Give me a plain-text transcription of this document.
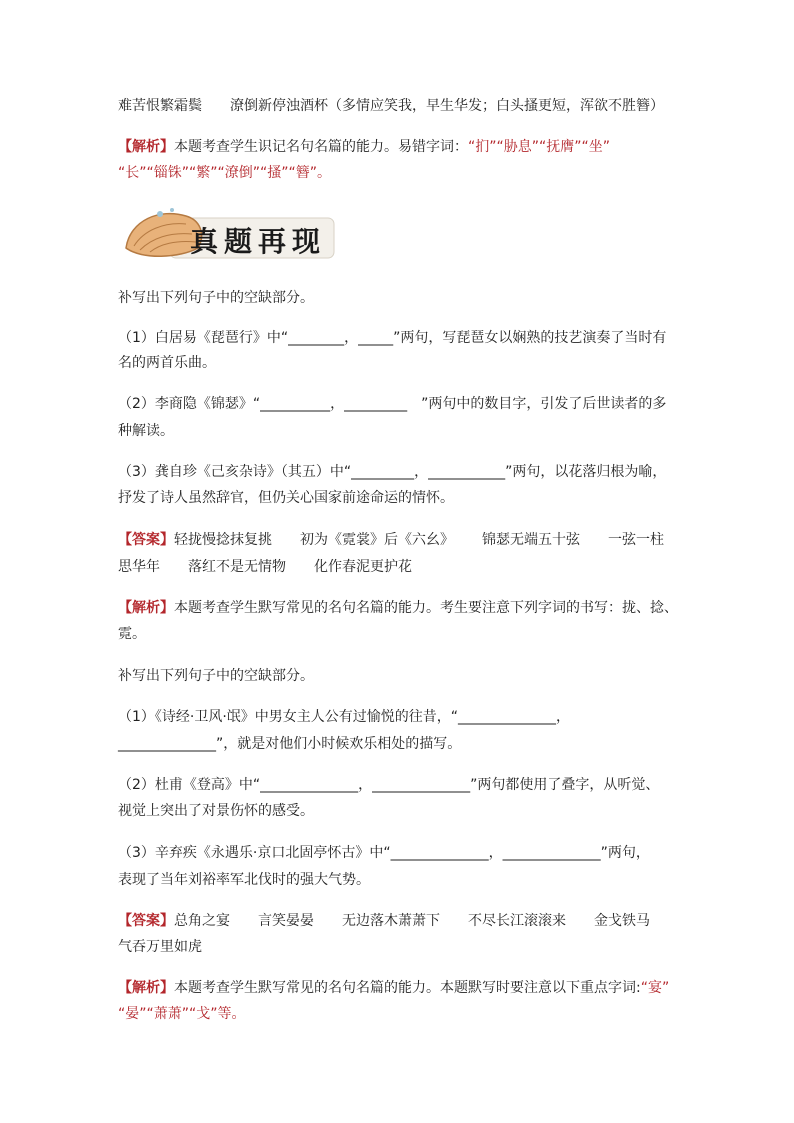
难苦恨繁霜鬓　　潦倒新停浊酒杯（多情应笑我，早生华发；白头搔更短，浑欲不胜簪）
【解析】本题考查学生识记名句名篇的能力。易错字词：“扪”“胁息”“抚膺”“坐”
“长”“锱铢”“繁”“潦倒”“搔”“簪”。
真题再现
补写出下列句子中的空缺部分。
（1）白居易《琵琶行》中“________，_____”两句，写琵琶女以娴熟的技艺演奏了当时有
名的两首乐曲。
（2）李商隐《锦瑟》“__________，_________　”两句中的数目字，引发了后世读者的多
种解读。
（3）龚自珍《己亥杂诗》（其五）中“_________，___________”两句，以花落归根为喻，
抒发了诗人虽然辞官，但仍关心国家前途命运的情怀。
【答案】轻拢慢捻抹复挑 初为《霓裳》后《六幺》 锦瑟无端五十弦 一弦一柱
思华年 落红不是无情物 化作春泥更护花
【解析】本题考查学生默写常见的名句名篇的能力。考生要注意下列字词的书写：拢、捻、
霓。
补写出下列句子中的空缺部分。
（1）《诗经·卫风·氓》中男女主人公有过愉悦的往昔，“______________，
______________”，就是对他们小时候欢乐相处的描写。
（2）杜甫《登高》中“______________，______________”两句都使用了叠字，从听觉、
视觉上突出了对景伤怀的感受。
（3）辛弃疾《永遇乐·京口北固亭怀古》中“______________，______________”两句，
表现了当年刘裕率军北伐时的强大气势。
【答案】总角之宴 言笑晏晏 无边落木萧萧下 不尽长江滚滚来 金戈铁马
气吞万里如虎
【解析】本题考查学生默写常见的名句名篇的能力。本题默写时要注意以下重点字词:“宴”
“晏”“萧萧”“戈”等。
